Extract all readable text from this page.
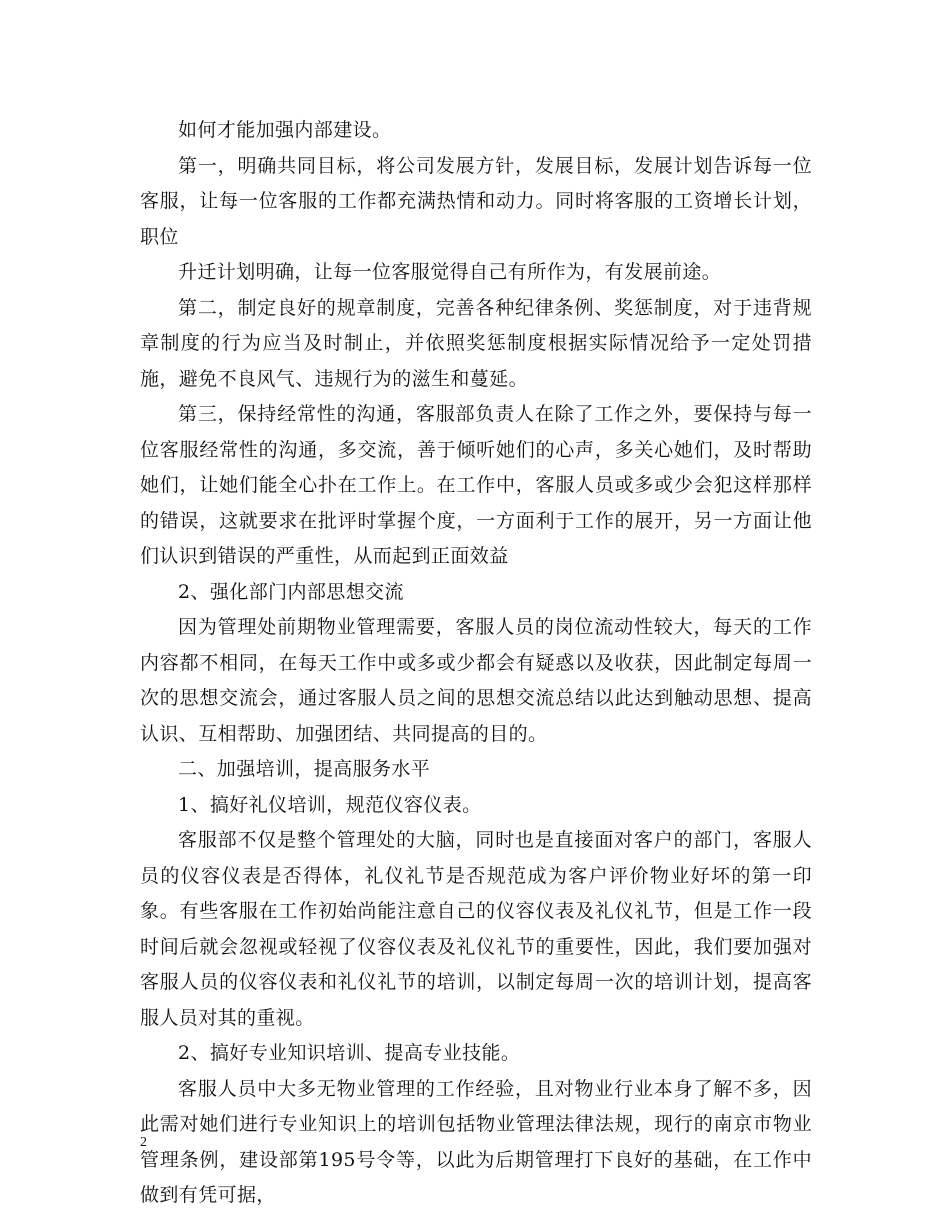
如何才能加强内部建设。

第一，明确共同目标，将公司发展方针，发展目标，发展计划告诉每一位客服，让每一位客服的工作都充满热情和动力。同时将客服的工资增长计划，职位

升迁计划明确，让每一位客服觉得自己有所作为，有发展前途。

第二，制定良好的规章制度，完善各种纪律条例、奖惩制度，对于违背规章制度的行为应当及时制止，并依照奖惩制度根据实际情况给予一定处罚措施，避免不良风气、违规行为的滋生和蔓延。

第三，保持经常性的沟通，客服部负责人在除了工作之外，要保持与每一位客服经常性的沟通，多交流，善于倾听她们的心声，多关心她们，及时帮助她们，让她们能全心扑在工作上。在工作中，客服人员或多或少会犯这样那样的错误，这就要求在批评时掌握个度，一方面利于工作的展开，另一方面让他们认识到错误的严重性，从而起到正面效益

2、强化部门内部思想交流

因为管理处前期物业管理需要，客服人员的岗位流动性较大，每天的工作内容都不相同，在每天工作中或多或少都会有疑惑以及收获，因此制定每周一次的思想交流会，通过客服人员之间的思想交流总结以此达到触动思想、提高认识、互相帮助、加强团结、共同提高的目的。

二、加强培训，提高服务水平

1、搞好礼仪培训，规范仪容仪表。

客服部不仅是整个管理处的大脑，同时也是直接面对客户的部门，客服人员的仪容仪表是否得体，礼仪礼节是否规范成为客户评价物业好坏的第一印象。有些客服在工作初始尚能注意自己的仪容仪表及礼仪礼节，但是工作一段时间后就会忽视或轻视了仪容仪表及礼仪礼节的重要性，因此，我们要加强对客服人员的仪容仪表和礼仪礼节的培训，以制定每周一次的培训计划，提高客服人员对其的重视。

2、搞好专业知识培训、提高专业技能。

客服人员中大多无物业管理的工作经验，且对物业行业本身了解不多，因此需对她们进行专业知识上的培训包括物业管理法律法规，现行的南京市物业管理条例，建设部第195号令等，以此为后期管理打下良好的基础，在工作中做到有凭可据，

2
